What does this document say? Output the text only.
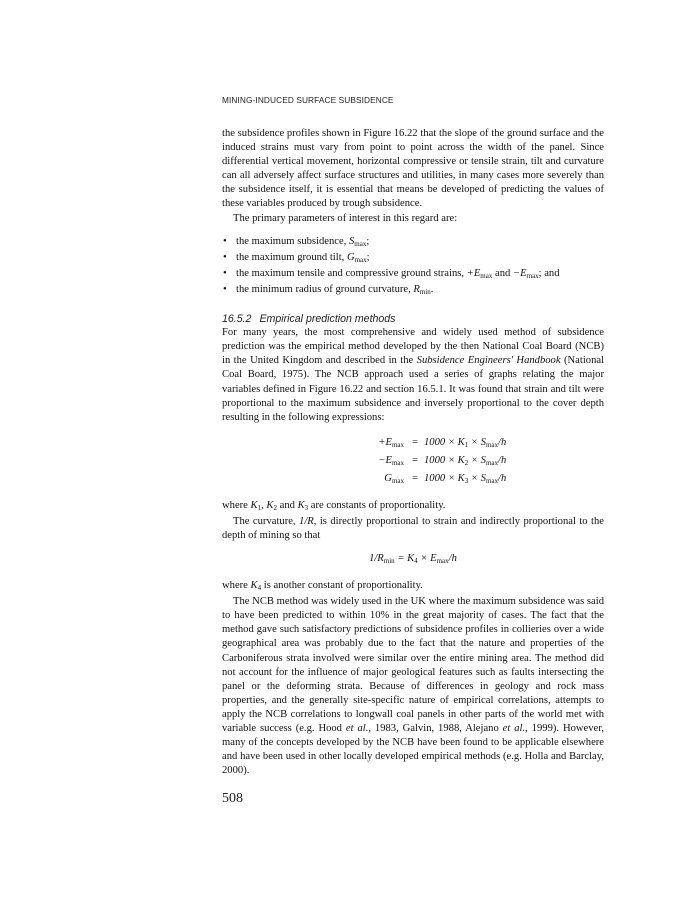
MINING-INDUCED SURFACE SUBSIDENCE

the subsidence profiles shown in Figure 16.22 that the slope of the ground surface and the induced strains must vary from point to point across the width of the panel. Since differential vertical movement, horizontal compressive or tensile strain, tilt and curvature can all adversely affect surface structures and utilities, in many cases more severely than the subsidence itself, it is essential that means be developed of predicting the values of these variables produced by trough subsidence.

The primary parameters of interest in this regard are:

• the maximum subsidence, $S_{max}$;
• the maximum ground tilt, $G_{max}$;
• the maximum tensile and compressive ground strains, $+E_{max}$ and $-E_{max}$; and
• the minimum radius of ground curvature, $R_{min}$.
16.5.2 Empirical prediction methods

For many years, the most comprehensive and widely used method of subsidence prediction was the empirical method developed by the then National Coal Board (NCB) in the United Kingdom and described in the Subsidence Engineers' Handbook (National Coal Board, 1975). The NCB approach used a series of graphs relating the major variables defined in Figure 16.22 and section 16.5.1. It was found that strain and tilt were proportional to the maximum subsidence and inversely proportional to the cover depth resulting in the following expressions:

$+E_{max} = 1000 \times K_1 \times S_{max}/h$
$-E_{max} = 1000 \times K_2 \times S_{max}/h$
$G_{max} = 1000 \times K_3 \times S_{max}/h$

where $K_1$, $K_2$ and $K_3$ are constants of proportionality.

The curvature, 1/R, is directly proportional to strain and indirectly proportional to the depth of mining so that

$1/R_{min} = K_4 \times E_{max}/h$

where $K_4$ is another constant of proportionality.

The NCB method was widely used in the UK where the maximum subsidence was said to have been predicted to within 10% in the great majority of cases. The fact that the method gave such satisfactory predictions of subsidence profiles in collieries over a wide geographical area was probably due to the fact that the nature and properties of the Carboniferous strata involved were similar over the entire mining area. The method did not account for the influence of major geological features such as faults intersecting the panel or the deforming strata. Because of differences in geology and rock mass properties, and the generally site-specific nature of empirical correlations, attempts to apply the NCB correlations to longwall coal panels in other parts of the world met with variable success (e.g. Hood et al., 1983, Galvin, 1988, Alejano et al., 1999). However, many of the concepts developed by the NCB have been found to be applicable elsewhere and have been used in other locally developed empirical methods (e.g. Holla and Barclay, 2000).

508
